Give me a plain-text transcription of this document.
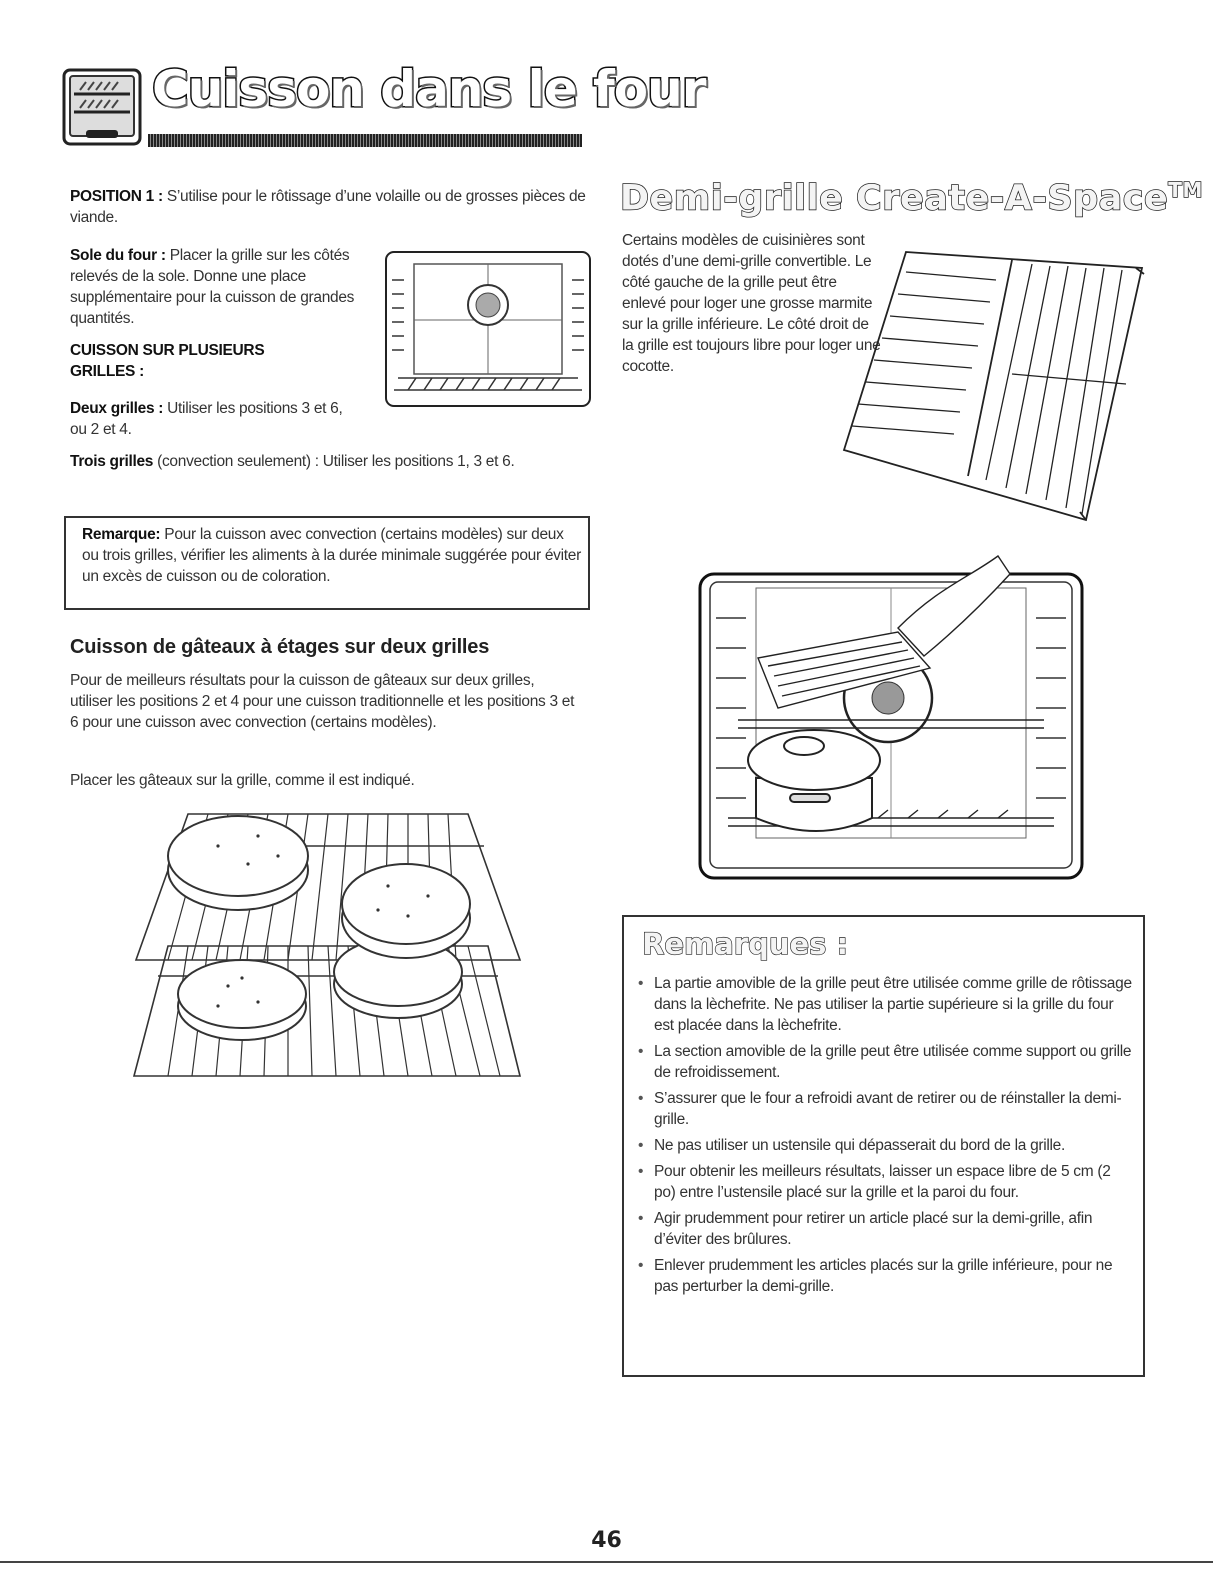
Cuisson dans le four

POSITION 1 : S’utilise pour le rôtissage d’une volaille ou de grosses pièces de viande.

Sole du four : Placer la grille sur les côtés relevés de la sole. Donne une place supplémentaire pour la cuisson de grandes quantités.

CUISSON SUR PLUSIEURS GRILLES :

Deux grilles : Utiliser les positions 3 et 6, ou 2 et 4.

Trois grilles (convection seulement) : Utiliser les positions 1, 3 et 6.

Remarque: Pour la cuisson avec convection (certains modèles) sur deux ou trois grilles, vérifier les aliments à la durée minimale suggérée pour éviter un excès de cuisson ou de coloration.

Cuisson de gâteaux à étages sur deux grilles

Pour de meilleurs résultats pour la cuisson de gâteaux sur deux grilles, utiliser les positions 2 et 4 pour une cuisson traditionnelle et les positions 3 et 6 pour une cuisson avec convection (certains modèles).

Placer les gâteaux sur la grille, comme il est indiqué.

Demi-grille Create-A-Space™

Certains modèles de cuisinières sont dotés d’une demi-grille convertible. Le côté gauche de la grille peut être enlevé pour loger une grosse marmite sur la grille inférieure. Le côté droit de la grille est toujours libre pour loger une cocotte.

Remarques :
• La partie amovible de la grille peut être utilisée comme grille de rôtissage dans la lèchefrite. Ne pas utiliser la partie supérieure si la grille du four est placée dans la lèchefrite.
• La section amovible de la grille peut être utilisée comme support ou grille de refroidissement.
• S’assurer que le four a refroidi avant de retirer ou de réinstaller la demi-grille.
• Ne pas utiliser un ustensile qui dépasserait du bord de la grille.
• Pour obtenir les meilleurs résultats, laisser un espace libre de 5 cm (2 po) entre l’ustensile placé sur la grille et la paroi du four.
• Agir prudemment pour retirer un article placé sur la demi-grille, afin d’éviter des brûlures.
• Enlever prudemment les articles placés sur la grille inférieure, pour ne pas perturber la demi-grille.
46
